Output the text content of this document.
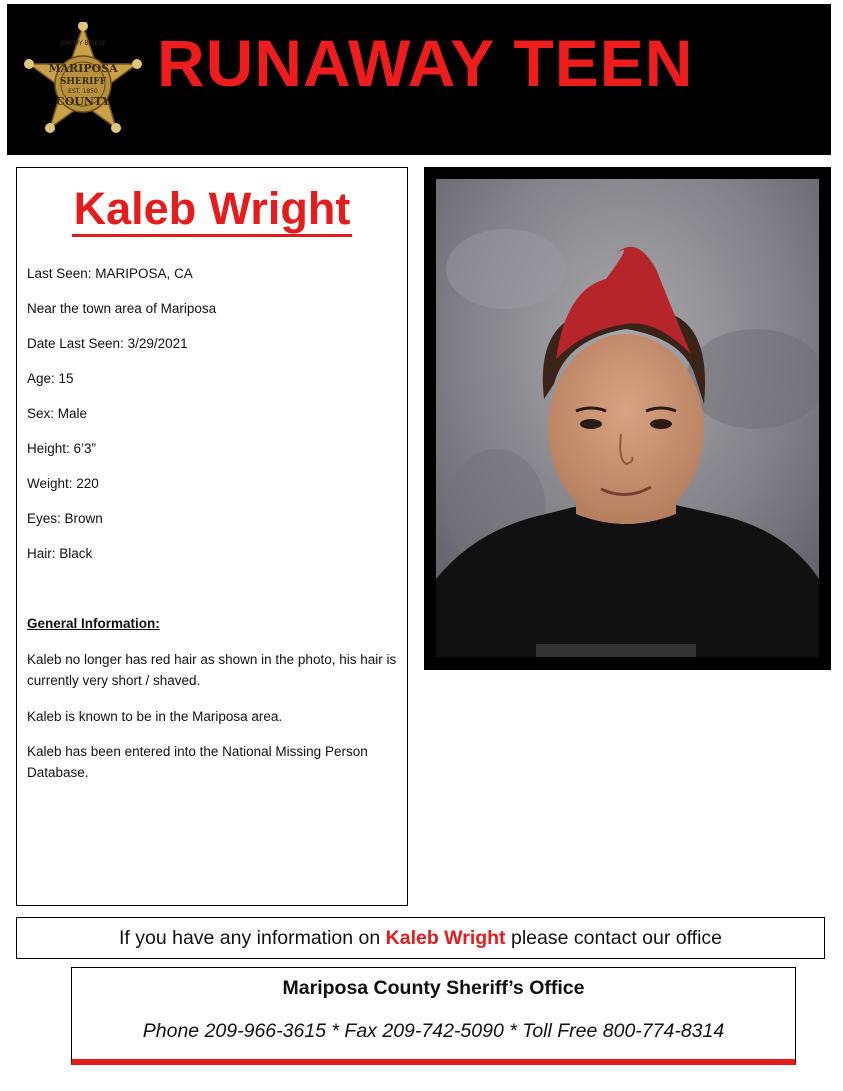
JEREMY BRIESE
MARIPOSA
SHERIFF
EST. 1850
COUNTY
RUNAWAY TEEN
Kaleb Wright
Last Seen: MARIPOSA, CA
Near the town area of Mariposa
Date Last Seen: 3/29/2021
Age: 15
Sex: Male
Height: 6’3”
Weight: 220
Eyes: Brown
Hair: Black
General Information:
Kaleb no longer has red hair as shown in the photo, his hair is currently very short / shaved.
Kaleb is known to be in the Mariposa area.
Kaleb has been entered into the National Missing Person Database.
If you have any information on Kaleb Wright please contact our office
Mariposa County Sheriff’s Office
Phone 209-966-3615 * Fax 209-742-5090 * Toll Free 800-774-8314
